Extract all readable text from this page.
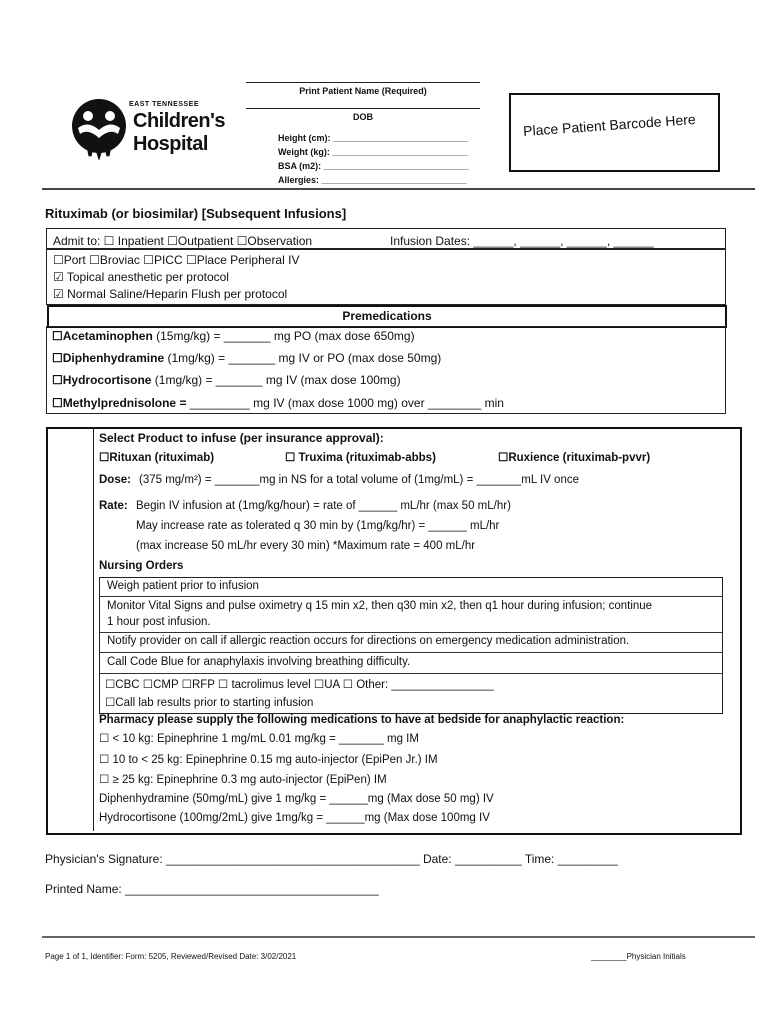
Print Patient Name (Required)
DOB
Height (cm): ___________________________
Weight (kg): ___________________________
BSA (m2): _____________________________
Allergies: _____________________________
Place Patient Barcode Here
EAST TENNESSEE
Children's
Hospital
Rituximab (or biosimilar) [Subsequent Infusions]
Admit to: ☐ Inpatient ☐Outpatient ☐Observation	Infusion Dates: ______, ______, ______, ______
☐Port ☐Broviac ☐PICC ☐Place Peripheral IV
☑ Topical anesthetic per protocol
☑ Normal Saline/Heparin Flush per protocol
Premedications
☐Acetaminophen (15mg/kg) = _______ mg PO (max dose 650mg)
☐Diphenhydramine (1mg/kg) = _______ mg IV or PO (max dose 50mg)
☐Hydrocortisone (1mg/kg) = _______ mg IV (max dose 100mg)
☐Methylprednisolone = _________ mg IV (max dose 1000 mg) over ________ min
Select Product to infuse (per insurance approval):
☐Rituxan (rituximab)	☐ Truxima (rituximab-abbs)	☐Ruxience (rituximab-pvvr)
Dose: (375 mg/m²) = _______mg in NS for a total volume of (1mg/mL) = _______mL IV once
Rate: Begin IV infusion at (1mg/kg/hour) = rate of ______ mL/hr (max 50 mL/hr)
May increase rate as tolerated q 30 min by (1mg/kg/hr) = ______ mL/hr
(max increase 50 mL/hr every 30 min) *Maximum rate = 400 mL/hr
Nursing Orders
Weigh patient prior to infusion
Monitor Vital Signs and pulse oximetry q 15 min x2, then q30 min x2, then q1 hour during infusion; continue
1 hour post infusion.
Notify provider on call if allergic reaction occurs for directions on emergency medication administration.
Call Code Blue for anaphylaxis involving breathing difficulty.
☐CBC ☐CMP ☐RFP ☐ tacrolimus level ☐UA ☐ Other: ________________
☐Call lab results prior to starting infusion
Pharmacy please supply the following medications to have at bedside for anaphylactic reaction:
☐ < 10 kg: Epinephrine 1 mg/mL 0.01 mg/kg = _______ mg IM
☐ 10 to < 25 kg: Epinephrine 0.15 mg auto-injector (EpiPen Jr.) IM
☐ ≥ 25 kg: Epinephrine 0.3 mg auto-injector (EpiPen) IM
Diphenhydramine (50mg/mL) give 1 mg/kg = ______mg (Max dose 50 mg) IV
Hydrocortisone (100mg/2mL) give 1mg/kg = ______mg (Max dose 100mg IV
Physician's Signature: ______________________________________ Date: __________ Time: _________
Printed Name: ______________________________________
Page 1 of 1, Identifier: Form: 5205, Reviewed/Revised Date: 3/02/2021	________Physician Initials
